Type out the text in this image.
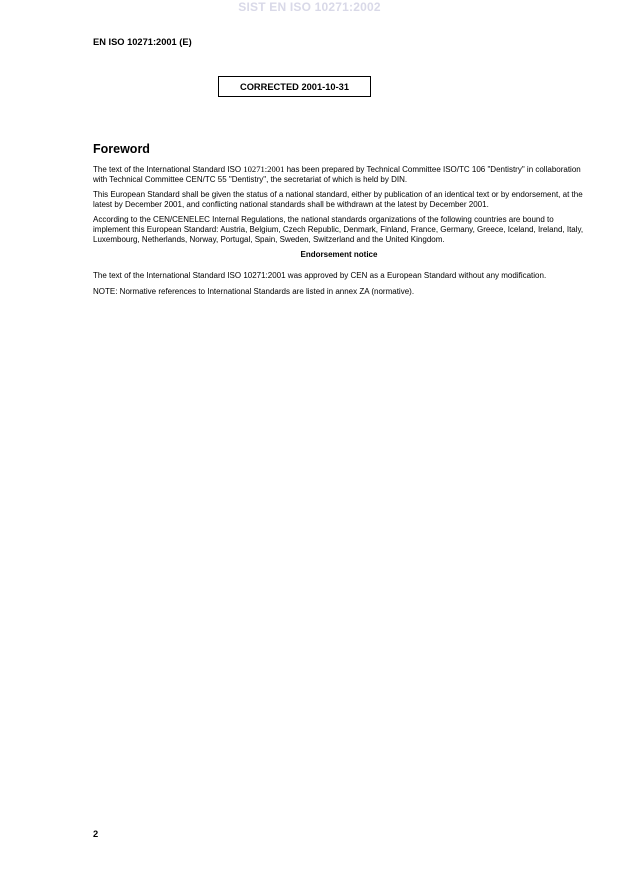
SIST EN ISO 10271:2002
EN ISO 10271:2001 (E)
CORRECTED 2001-10-31
Foreword

The text of the International Standard ISO 10271:2001 has been prepared by Technical Committee ISO/TC 106 "Dentistry" in collaboration with Technical Committee CEN/TC 55 "Dentistry", the secretariat of which is held by DIN.

This European Standard shall be given the status of a national standard, either by publication of an identical text or by endorsement, at the latest by December 2001, and conflicting national standards shall be withdrawn at the latest by December 2001.

According to the CEN/CENELEC Internal Regulations, the national standards organizations of the following countries are bound to implement this European Standard: Austria, Belgium, Czech Republic, Denmark, Finland, France, Germany, Greece, Iceland, Ireland, Italy, Luxembourg, Netherlands, Norway, Portugal, Spain, Sweden, Switzerland and the United Kingdom.

Endorsement notice

The text of the International Standard ISO 10271:2001 was approved by CEN as a European Standard without any modification.

NOTE: Normative references to International Standards are listed in annex ZA (normative).

2
